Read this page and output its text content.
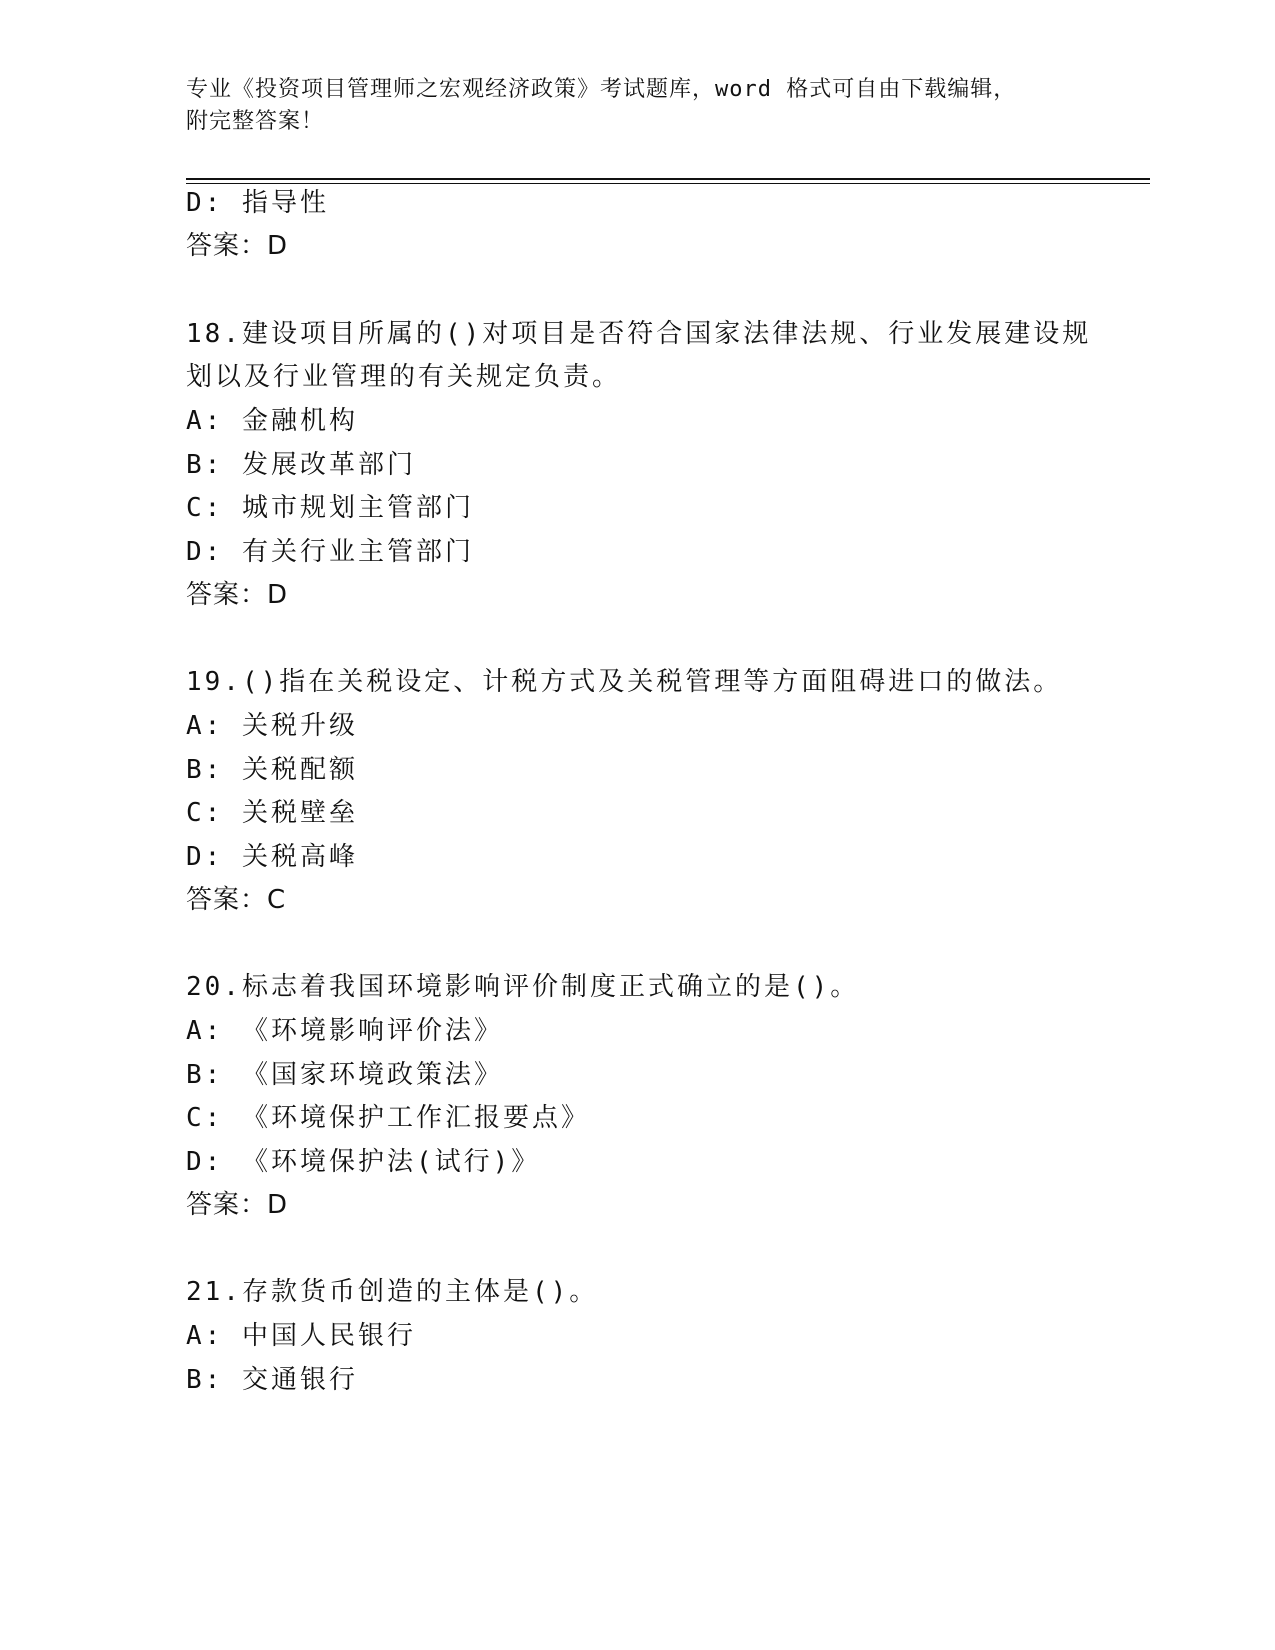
专业《投资项目管理师之宏观经济政策》考试题库，word 格式可自由下载编辑，
附完整答案！
D: 指导性
答案：D
18.建设项目所属的()对项目是否符合国家法律法规、行业发展建设规
划以及行业管理的有关规定负责。
A: 金融机构
B: 发展改革部门
C: 城市规划主管部门
D: 有关行业主管部门
答案：D
19.()指在关税设定、计税方式及关税管理等方面阻碍进口的做法。
A: 关税升级
B: 关税配额
C: 关税壁垒
D: 关税高峰
答案：C
20.标志着我国环境影响评价制度正式确立的是()。
A: 《环境影响评价法》
B: 《国家环境政策法》
C: 《环境保护工作汇报要点》
D: 《环境保护法(试行)》
答案：D
21.存款货币创造的主体是()。
A: 中国人民银行
B: 交通银行
